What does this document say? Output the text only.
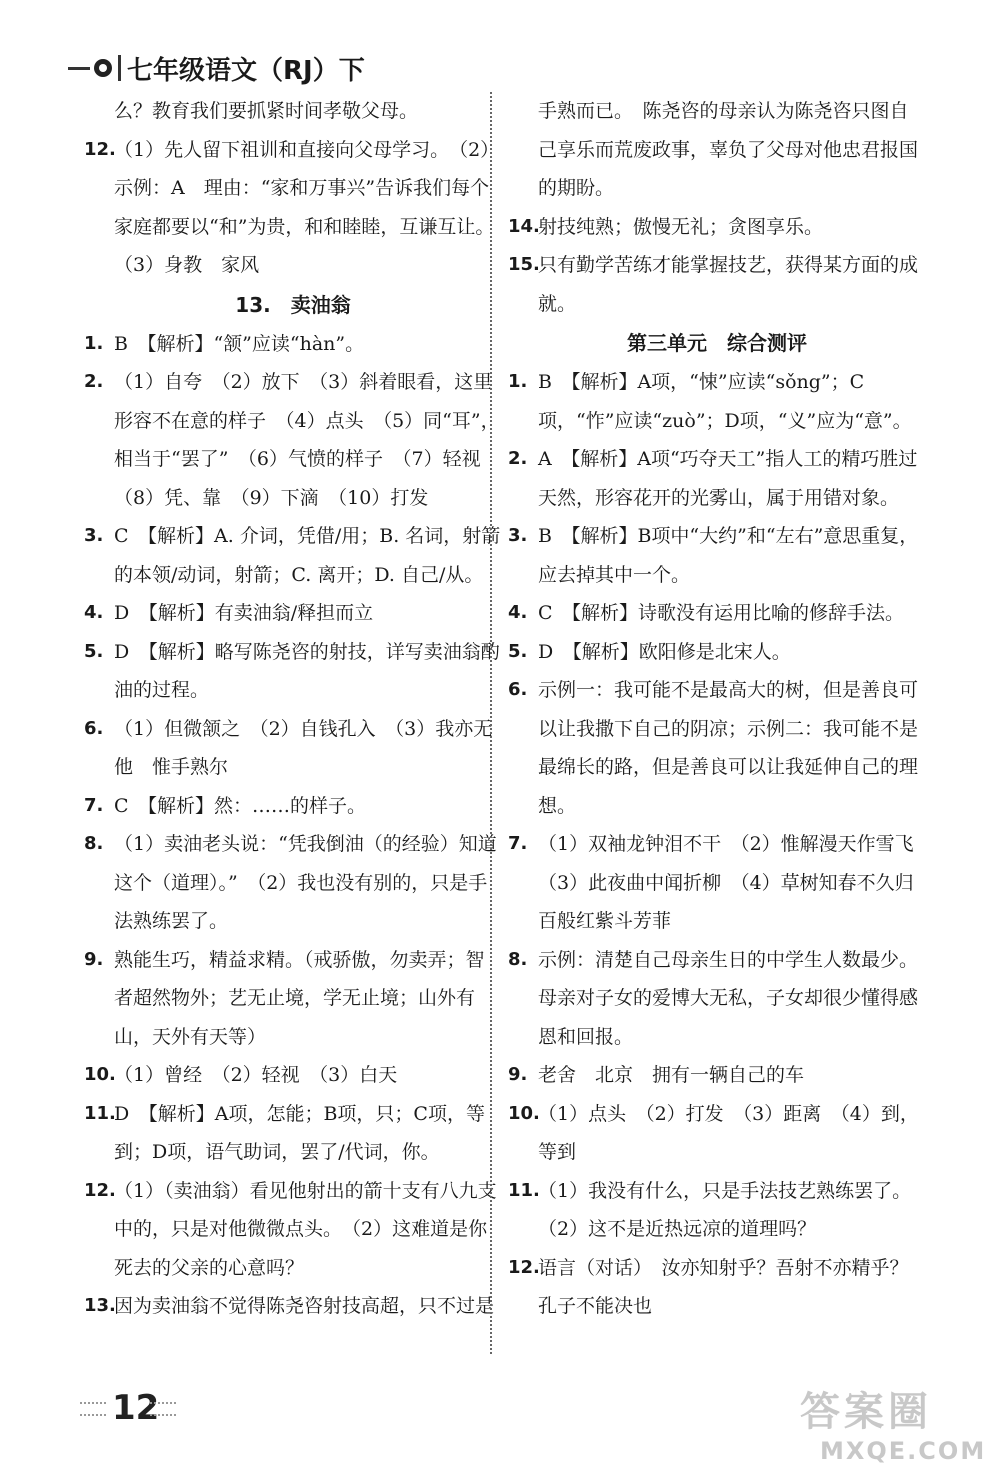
七年级语文（RJ）下
么？教育我们要抓紧时间孝敬父母。
12.
（1）先人留下祖训和直接向父母学习。　（2）示例：A　理由：“家和万事兴”告诉我们每个家庭都要以“和”为贵，和和睦睦，互谦互让。　（3）身教　家风
13.　卖油翁
1. B　【解析】“颔”应读“hàn”。
2. （1）自夸　（2）放下　（3）斜着眼看，这里形容不在意的样子　（4）点头　（5）同“耳”，相当于“罢了”　（6）气愤的样子　（7）轻视　（8）凭、靠　（9）下滴　（10）打发
3. C　【解析】A. 介词，凭借/用；B. 名词，射箭的本领/动词，射箭；C. 离开；D. 自己/从。
4. D　【解析】有卖油翁/释担而立
5. D　【解析】略写陈尧咨的射技，详写卖油翁酌油的过程。
6. （1）但微颔之　（2）自钱孔入　（3）我亦无他　惟手熟尔
7. C　【解析】然：……的样子。
8. （1）卖油老头说：“凭我倒油（的经验）知道这个（道理）。”　（2）我也没有别的，只是手法熟练罢了。
9. 熟能生巧，精益求精。（戒骄傲，勿卖弄；智者超然物外；艺无止境，学无止境；山外有山，天外有天等）
10.
（1）曾经　（2）轻视　（3）白天
11.
D　【解析】A项，怎能；B项，只；C项，等到；D项，语气助词，罢了/代词，你。
12.
（1）（卖油翁）看见他射出的箭十支有八九支中的，只是对他微微点头。　（2）这难道是你死去的父亲的心意吗？
13.
因为卖油翁不觉得陈尧咨射技高超，只不过是
手熟而已。　陈尧咨的母亲认为陈尧咨只图自己享乐而荒废政事，辜负了父母对他忠君报国的期盼。
14.
射技纯熟；傲慢无礼；贪图享乐。
15.
只有勤学苦练才能掌握技艺，获得某方面的成就。
第三单元　综合测评
1. B　【解析】A项，“悚”应读“sǒng”；C项，“怍”应读“zuò”；D项，“义”应为“意”。
2. A　【解析】A项“巧夺天工”指人工的精巧胜过天然，形容花开的光雾山，属于用错对象。
3. B　【解析】B项中“大约”和“左右”意思重复，应去掉其中一个。
4. C　【解析】诗歌没有运用比喻的修辞手法。
5. D　【解析】欧阳修是北宋人。
6. 示例一：我可能不是最高大的树，但是善良可以让我撒下自己的阴凉；示例二：我可能不是最绵长的路，但是善良可以让我延伸自己的理想。
7. （1）双袖龙钟泪不干　（2）惟解漫天作雪飞　（3）此夜曲中闻折柳　（4）草树知春不久归　百般红紫斗芳菲
8. 示例：清楚自己母亲生日的中学生人数最少。母亲对子女的爱博大无私，子女却很少懂得感恩和回报。
9. 老舍　北京　拥有一辆自己的车
10.
（1）点头　（2）打发　（3）距离　（4）到，等到
11.
（1）我没有什么，只是手法技艺熟练罢了。　（2）这不是近热远凉的道理吗？
12.
语言（对话）　汝亦知射乎？吾射不亦精乎？　孔子不能决也
12	答案圈
MXQE.COM
